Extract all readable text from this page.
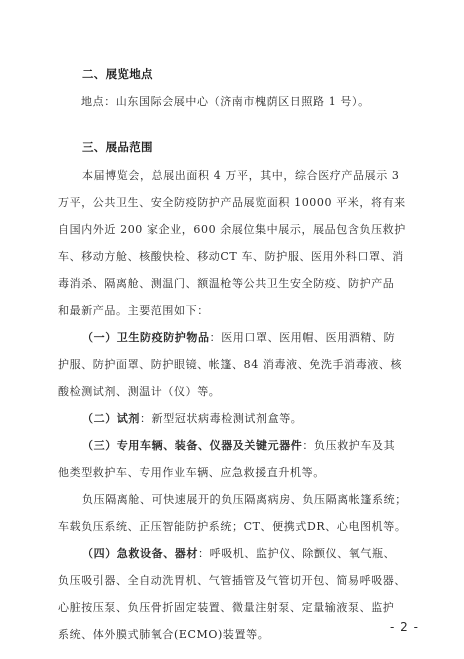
二、展览地点
地点：山东国际会展中心（济南市槐荫区日照路 1 号）。
三、展品范围
本届博览会，总展出面积 4 万平，其中，综合医疗产品展示 3
万平，公共卫生、安全防疫防护产品展览面积 10000 平米，将有来
自国内外近 200 家企业，600 余展位集中展示，展品包含负压救护
车、移动方舱、核酸快检、移动CT 车、防护服、医用外科口罩、消
毒消杀、隔离舱、测温门、额温枪等公共卫生安全防疫、防护产品
和最新产品。主要范围如下：
（一）卫生防疫防护物品：医用口罩、医用帽、医用酒精、防
护服、防护面罩、防护眼镜、帐篷、84 消毒液、免洗手消毒液、核
酸检测试剂、测温计（仪）等。
（二）试剂：新型冠状病毒检测试剂盒等。
（三）专用车辆、装备、仪器及关键元器件：负压救护车及其
他类型救护车、专用作业车辆、应急救援直升机等。
负压隔离舱、可快速展开的负压隔离病房、负压隔离帐篷系统；
车载负压系统、正压智能防护系统；CT、便携式DR、心电图机等。
（四）急救设备、器材：呼吸机、监护仪、除颤仪、氧气瓶、
负压吸引器、全自动洗胃机、气管插管及气管切开包、简易呼吸器、
心脏按压泵、负压骨折固定装置、微量注射泵、定量输液泵、监护
系统、体外膜式肺氧合(ECMO)装置等。
- 2 -
